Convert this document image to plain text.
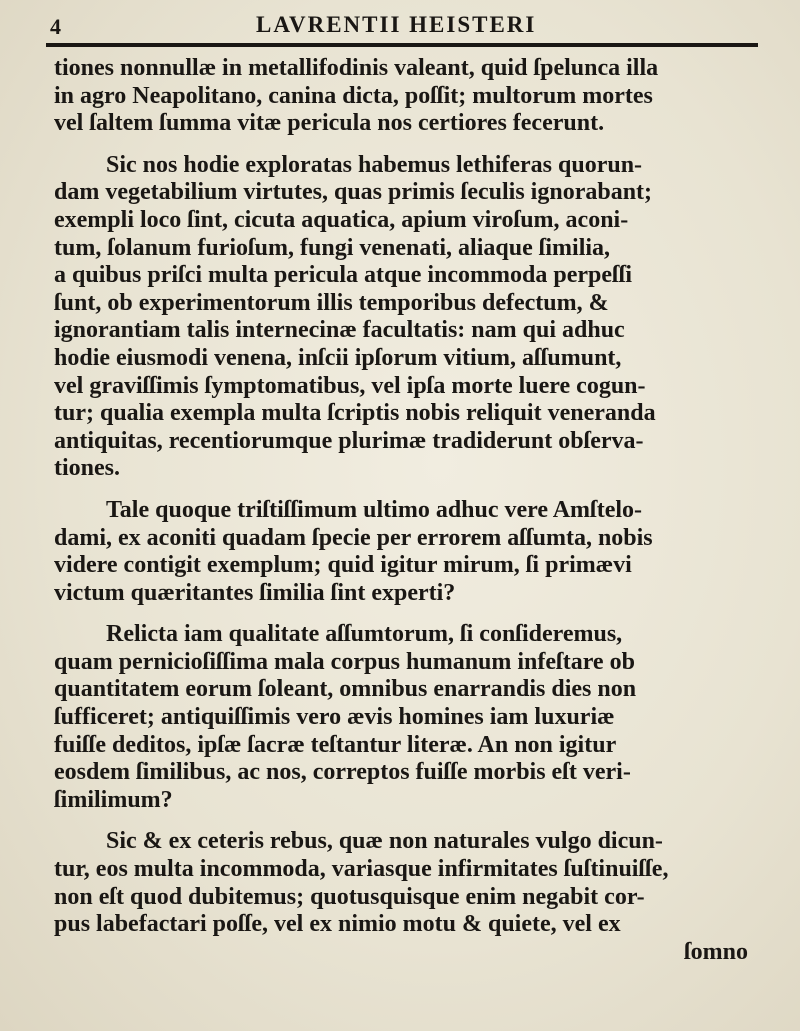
4	LAVRENTII HEISTERI
tiones nonnullæ in metallifodinis valeant, quid ſpelunca illa
in agro Neapolitano, canina dicta, poſſit; multorum mortes
vel ſaltem ſumma vitæ pericula nos certiores fecerunt.
Sic nos hodie exploratas habemus lethiferas quorun-
dam vegetabilium virtutes, quas primis ſeculis ignorabant;
exempli loco ſint, cicuta aquatica, apium viroſum, aconi-
tum, ſolanum furioſum, fungi venenati, aliaque ſimilia,
a quibus priſci multa pericula atque incommoda perpeſſi
ſunt, ob experimentorum illis temporibus defectum, &
ignorantiam talis internecinæ facultatis: nam qui adhuc
hodie eiusmodi venena, inſcii ipſorum vitium, aſſumunt,
vel graviſſimis ſymptomatibus, vel ipſa morte luere cogun-
tur; qualia exempla multa ſcriptis nobis reliquit veneranda
antiquitas, recentiorumque plurimæ tradiderunt obſerva-
tiones.
Tale quoque triſtiſſimum ultimo adhuc vere Amſtelo-
dami, ex aconiti quadam ſpecie per errorem aſſumta, nobis
videre contigit exemplum; quid igitur mirum, ſi primævi
victum quæritantes ſimilia ſint experti?
Relicta iam qualitate aſſumtorum, ſi conſideremus,
quam pernicioſiſſima mala corpus humanum infeſtare ob
quantitatem eorum ſoleant, omnibus enarrandis dies non
ſufficeret; antiquiſſimis vero ævis homines iam luxuriæ
fuiſſe deditos, ipſæ ſacræ teſtantur literæ. An non igitur
eosdem ſimilibus, ac nos, correptos fuiſſe morbis eſt veri-
ſimilimum?
Sic & ex ceteris rebus, quæ non naturales vulgo dicun-
tur, eos multa incommoda, variasque infirmitates ſuſtinuiſſe,
non eſt quod dubitemus; quotusquisque enim negabit cor-
pus labefactari poſſe, vel ex nimio motu & quiete, vel ex
ſomno
